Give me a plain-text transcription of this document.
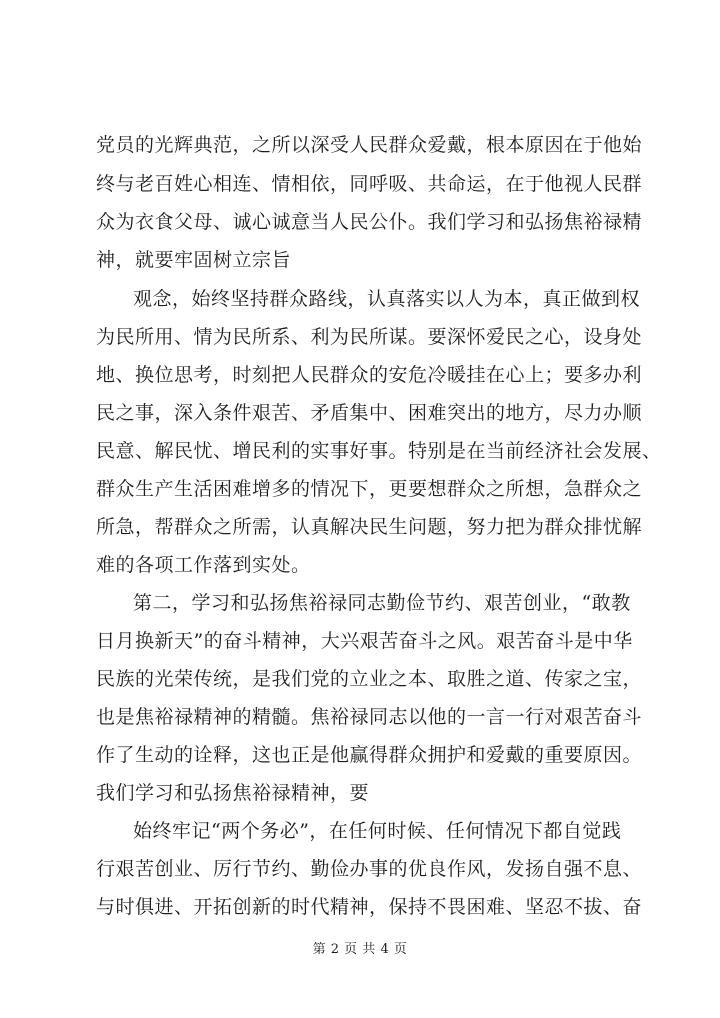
党员的光辉典范，之所以深受人民群众爱戴，根本原因在于他始
终与老百姓心相连、情相依，同呼吸、共命运，在于他视人民群
众为衣食父母、诚心诚意当人民公仆。我们学习和弘扬焦裕禄精
神，就要牢固树立宗旨
观念，始终坚持群众路线，认真落实以人为本，真正做到权
为民所用、情为民所系、利为民所谋。要深怀爱民之心，设身处
地、换位思考，时刻把人民群众的安危冷暖挂在心上；要多办利
民之事，深入条件艰苦、矛盾集中、困难突出的地方，尽力办顺
民意、解民忧、增民利的实事好事。特别是在当前经济社会发展、
群众生产生活困难增多的情况下，更要想群众之所想，急群众之
所急，帮群众之所需，认真解决民生问题，努力把为群众排忧解
难的各项工作落到实处。
第二，学习和弘扬焦裕禄同志勤俭节约、艰苦创业，“敢教
日月换新天”的奋斗精神，大兴艰苦奋斗之风。艰苦奋斗是中华
民族的光荣传统，是我们党的立业之本、取胜之道、传家之宝，
也是焦裕禄精神的精髓。焦裕禄同志以他的一言一行对艰苦奋斗
作了生动的诠释，这也正是他赢得群众拥护和爱戴的重要原因。
我们学习和弘扬焦裕禄精神，要
始终牢记“两个务必”，在任何时候、任何情况下都自觉践
行艰苦创业、厉行节约、勤俭办事的优良作风，发扬自强不息、
与时俱进、开拓创新的时代精神，保持不畏困难、坚忍不拔、奋
第 2 页 共 4 页
